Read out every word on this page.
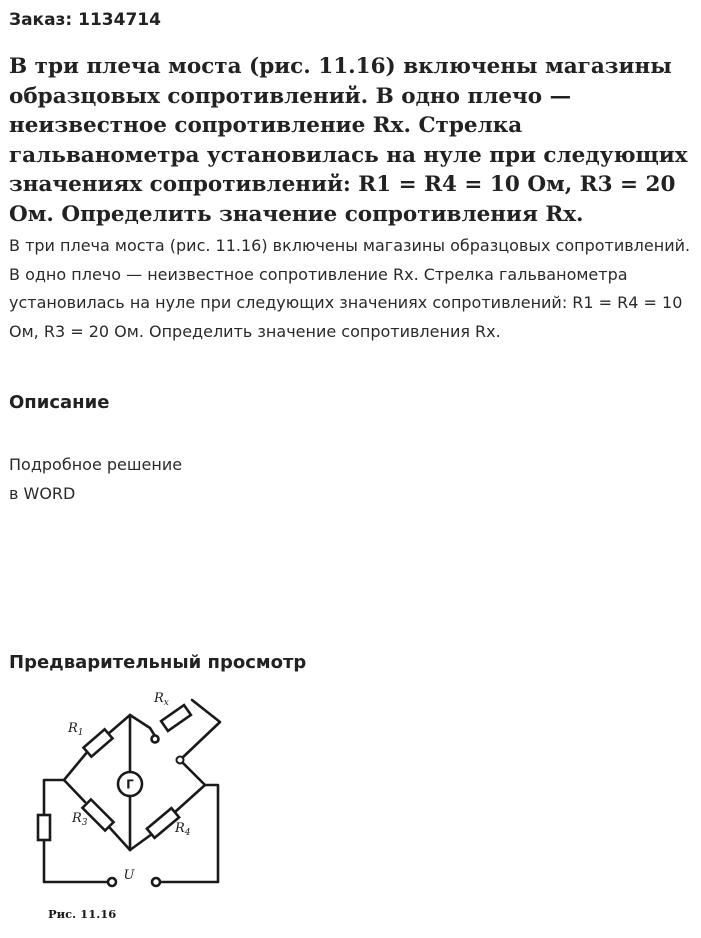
Заказ: 1134714
В три плеча моста (рис. 11.16) включены магазины образцовых сопротивлений. В одно плечо — неизвестное сопротивление Rx. Стрелка гальванометра установилась на нуле при следующих значениях сопротивлений: R1 = R4 = 10 Ом, R3 = 20 Ом. Определить значение сопротивления Rx.

В три плеча моста (рис. 11.16) включены магазины образцовых сопротивлений. В одно плечо — неизвестное сопротивление Rx. Стрелка гальванометра установилась на нуле при следующих значениях сопротивлений: R1 = R4 = 10 Ом, R3 = 20 Ом. Определить значение сопротивления Rx.

Описание
Подробное решение
в WORD
Предварительный просмотр
$R_1$
$R_x$
$R_3$	$R_4$
U
Г
Рис. 11.16
